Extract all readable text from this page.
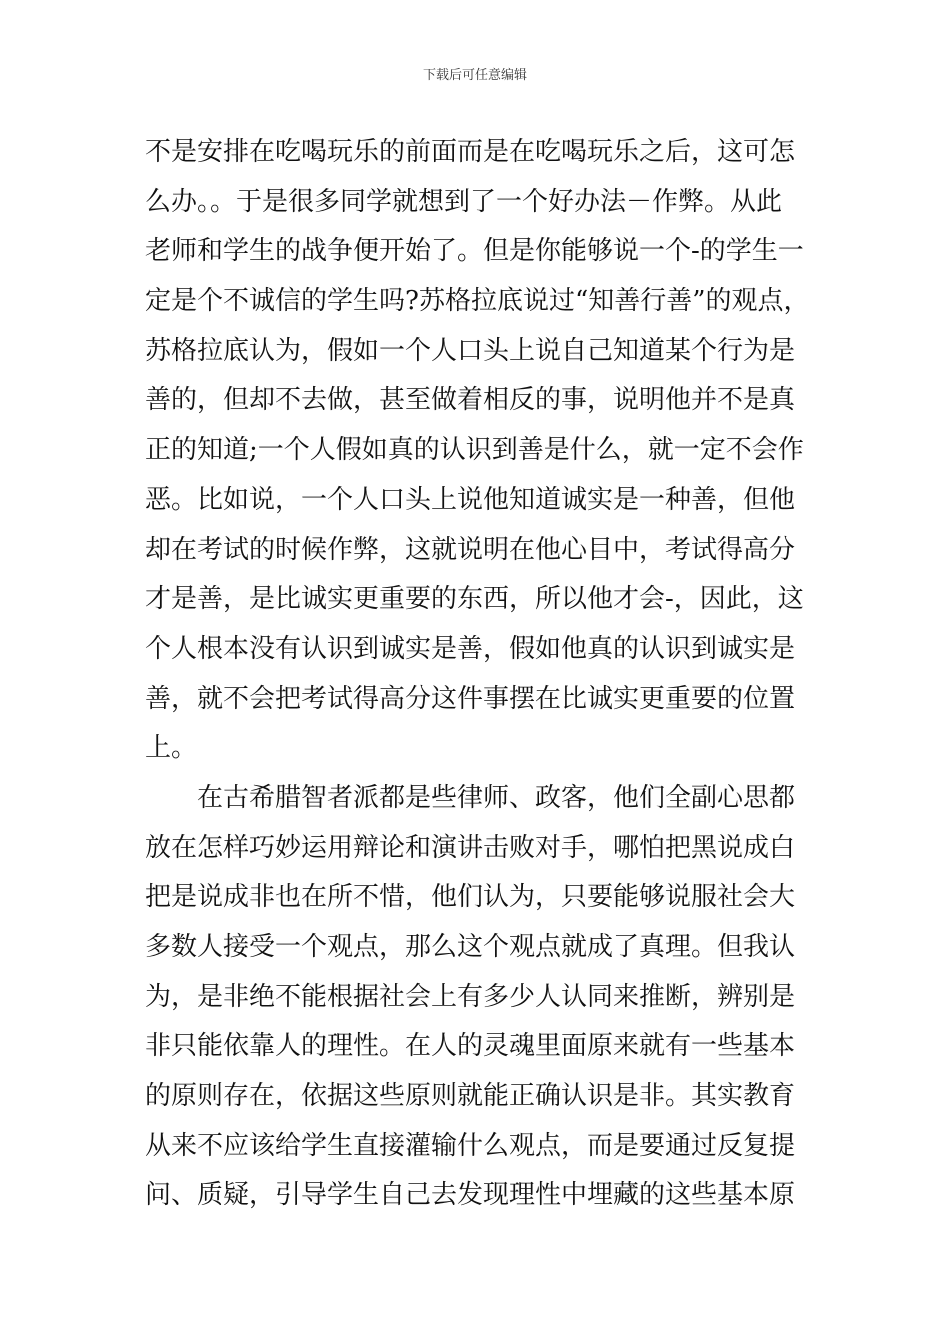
下载后可任意编辑
不是安排在吃喝玩乐的前面而是在吃喝玩乐之后，这可怎
么办。。于是很多同学就想到了一个好办法－作弊。从此
老师和学生的战争便开始了。但是你能够说一个-的学生一
定是个不诚信的学生吗?苏格拉底说过“知善行善”的观点，
苏格拉底认为，假如一个人口头上说自己知道某个行为是
善的，但却不去做，甚至做着相反的事，说明他并不是真
正的知道;一个人假如真的认识到善是什么，就一定不会作
恶。比如说，一个人口头上说他知道诚实是一种善，但他
却在考试的时候作弊，这就说明在他心目中，考试得高分
才是善，是比诚实更重要的东西，所以他才会-，因此，这
个人根本没有认识到诚实是善，假如他真的认识到诚实是
善，就不会把考试得高分这件事摆在比诚实更重要的位置
上。
在古希腊智者派都是些律师、政客，他们全副心思都
放在怎样巧妙运用辩论和演讲击败对手，哪怕把黑说成白
把是说成非也在所不惜，他们认为，只要能够说服社会大
多数人接受一个观点，那么这个观点就成了真理。但我认
为，是非绝不能根据社会上有多少人认同来推断，辨别是
非只能依靠人的理性。在人的灵魂里面原来就有一些基本
的原则存在，依据这些原则就能正确认识是非。其实教育
从来不应该给学生直接灌输什么观点，而是要通过反复提
问、质疑，引导学生自己去发现理性中埋藏的这些基本原
